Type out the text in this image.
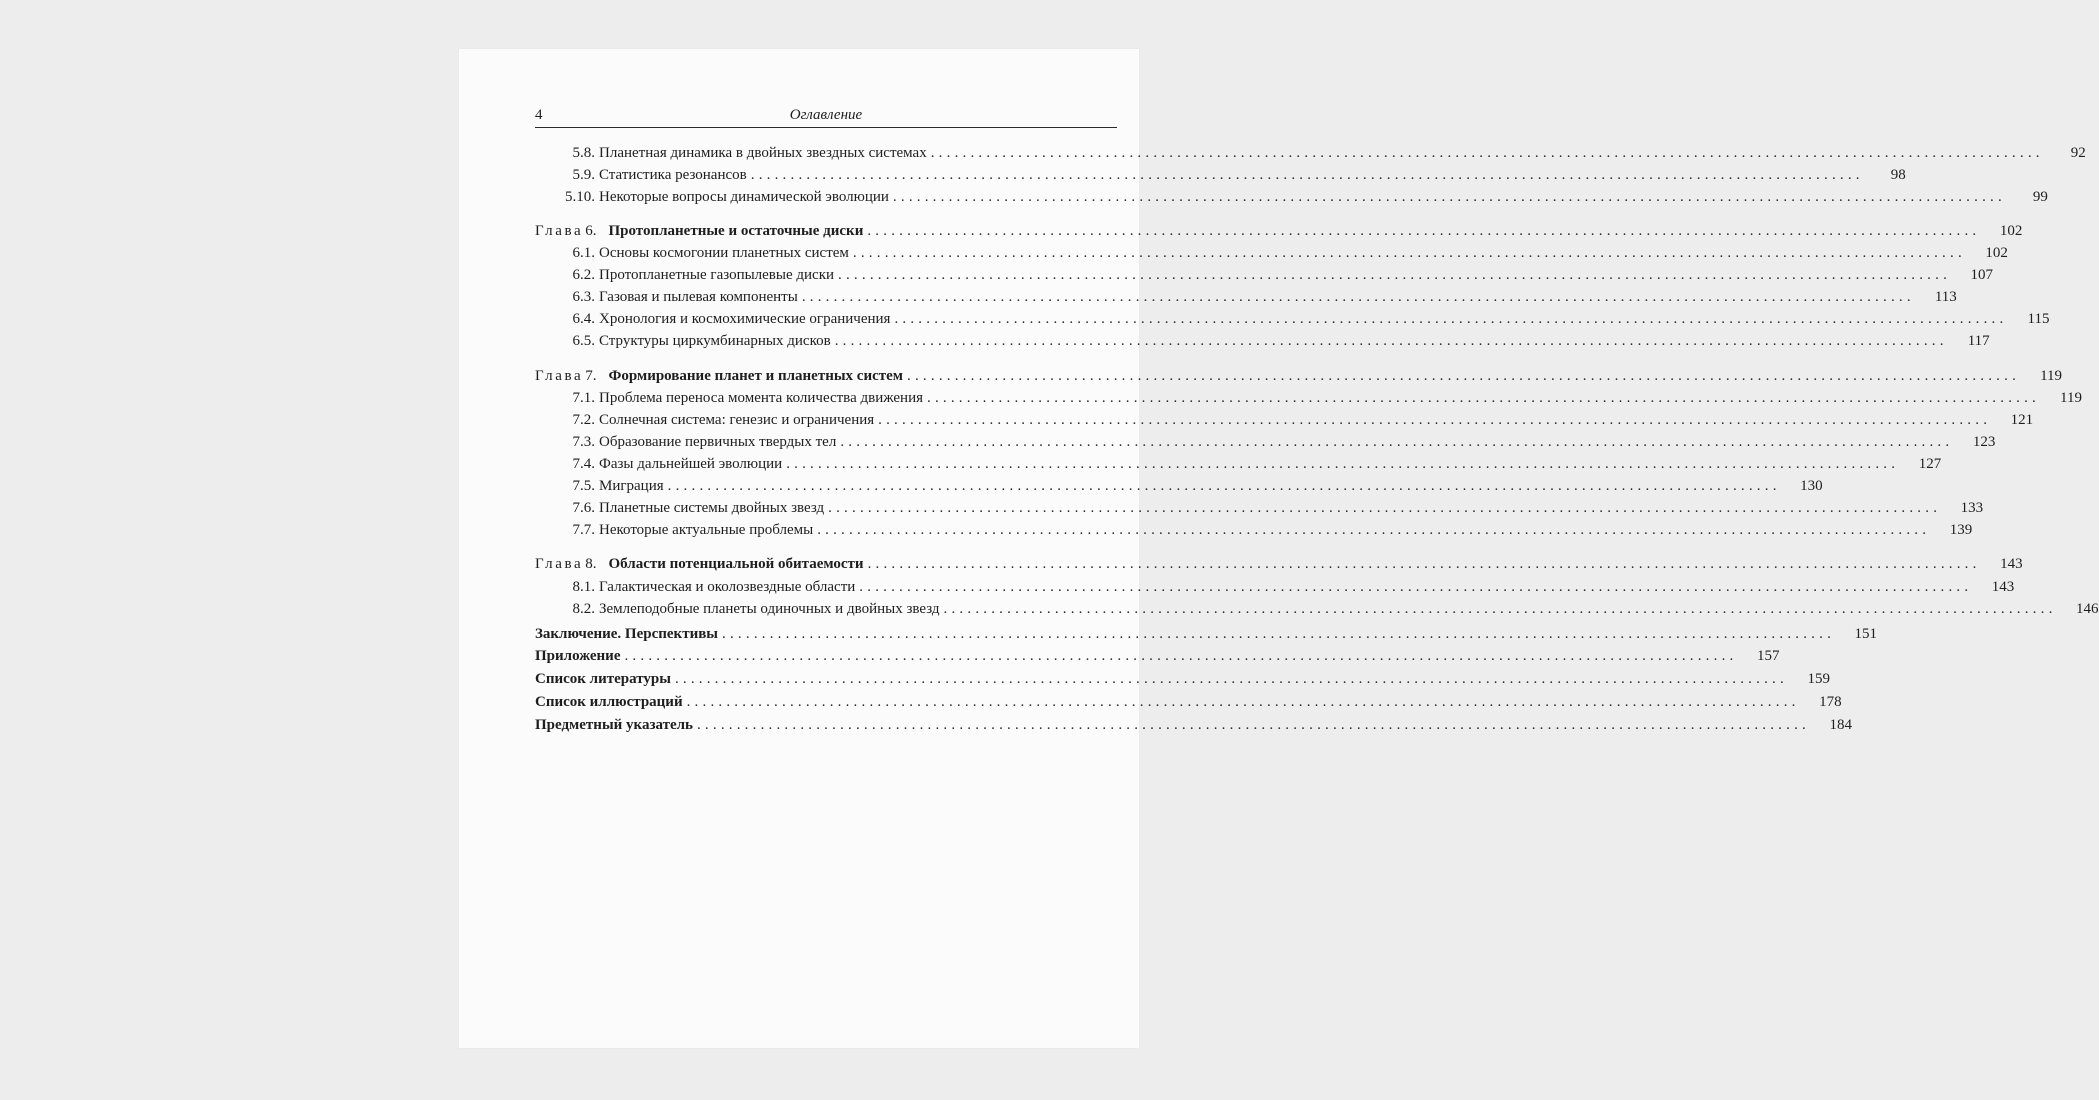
4	Оглавление
5.8. Планетная динамика в двойных звездных системах ............................................................................................................................................	92
5.9. Статистика резонансов ............................................................................................................................................	98
5.10. Некоторые вопросы динамической эволюции ............................................................................................................................................	99
Глава 6. Протопланетные и остаточные диски ............................................................................................................................................	102
6.1. Основы космогонии планетных систем ............................................................................................................................................	102
6.2. Протопланетные газопылевые диски ............................................................................................................................................	107
6.3. Газовая и пылевая компоненты ............................................................................................................................................	113
6.4. Хронология и космохимические ограничения ............................................................................................................................................	115
6.5. Структуры циркумбинарных дисков ............................................................................................................................................	117
Глава 7. Формирование планет и планетных систем ............................................................................................................................................	119
7.1. Проблема переноса момента количества движения ............................................................................................................................................	119
7.2. Солнечная система: генезис и ограничения ............................................................................................................................................	121
7.3. Образование первичных твердых тел ............................................................................................................................................	123
7.4. Фазы дальнейшей эволюции ............................................................................................................................................	127
7.5. Миграция ............................................................................................................................................	130
7.6. Планетные системы двойных звезд ............................................................................................................................................	133
7.7. Некоторые актуальные проблемы ............................................................................................................................................	139
Глава 8. Области потенциальной обитаемости ............................................................................................................................................	143
8.1. Галактическая и околозвездные области ............................................................................................................................................	143
8.2. Землеподобные планеты одиночных и двойных звезд ............................................................................................................................................	146
Заключение. Перспективы ............................................................................................................................................	151
Приложение ............................................................................................................................................	157
Список литературы ............................................................................................................................................	159
Список иллюстраций ............................................................................................................................................	178
Предметный указатель ............................................................................................................................................	184
